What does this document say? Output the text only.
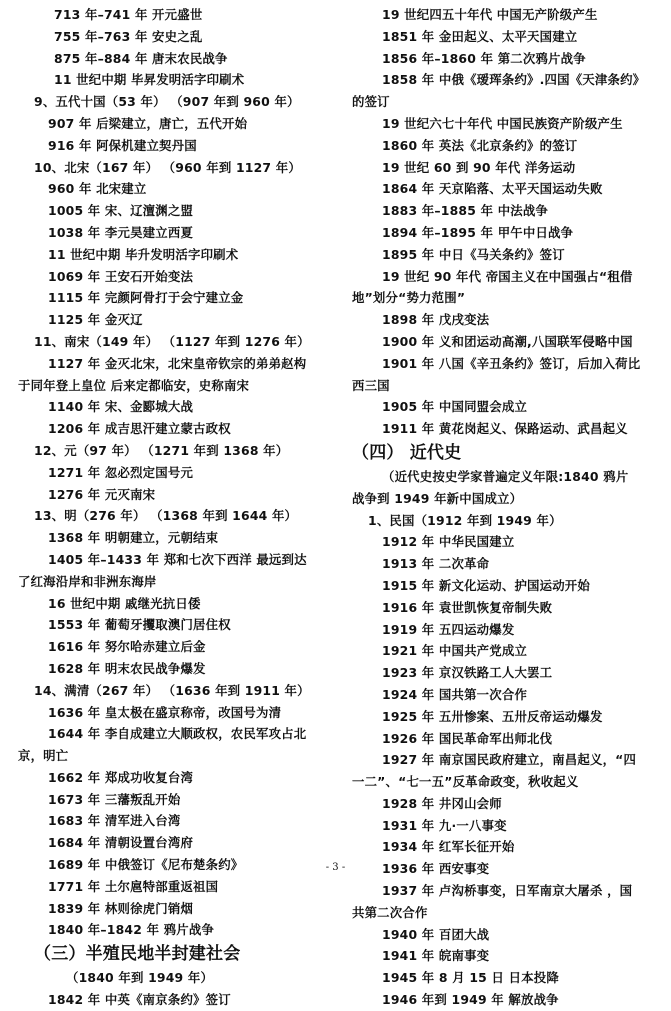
713 年–741 年 开元盛世
755 年–763 年 安史之乱
875 年–884 年 唐末农民战争
11 世纪中期 毕昇发明活字印刷术
9、五代十国（53 年） （907 年到 960 年）
907 年 后梁建立，唐亡，五代开始
916 年 阿保机建立契丹国
10、北宋（167 年） （960 年到 1127 年）
960 年 北宋建立
1005 年 宋、辽澶渊之盟
1038 年 李元昊建立西夏
11 世纪中期 毕升发明活字印刷术
1069 年 王安石开始变法
1115 年 完颜阿骨打于会宁建立金
1125 年 金灭辽
11、南宋（149 年） （1127 年到 1276 年）
1127 年 金灭北宋，北宋皇帝钦宗的弟弟赵构
于同年登上皇位 后来定都临安，史称南宋
1140 年 宋、金郾城大战
1206 年 成吉思汗建立蒙古政权
12、元（97 年） （1271 年到 1368 年）
1271 年 忽必烈定国号元
1276 年 元灭南宋
13、明（276 年） （1368 年到 1644 年）
1368 年 明朝建立，元朝结束
1405 年–1433 年 郑和七次下西洋 最远到达
了红海沿岸和非洲东海岸
16 世纪中期 戚继光抗日倭
1553 年 葡萄牙攫取澳门居住权
1616 年 努尔哈赤建立后金
1628 年 明末农民战争爆发
14、满清（267 年） （1636 年到 1911 年）
1636 年 皇太极在盛京称帝，改国号为清
1644 年 李自成建立大顺政权，农民军攻占北
京，明亡
1662 年 郑成功收复台湾
1673 年 三藩叛乱开始
1683 年 清军进入台湾
1684 年 清朝设置台湾府
1689 年 中俄签订《尼布楚条约》
1771 年 土尔扈特部重返祖国
1839 年 林则徐虎门销烟
1840 年–1842 年 鸦片战争
（三）半殖民地半封建社会
（1840 年到 1949 年）
1842 年 中英《南京条约》签订
19 世纪四五十年代 中国无产阶级产生
1851 年 金田起义、太平天国建立
1856 年–1860 年 第二次鸦片战争
1858 年 中俄《瑷珲条约》.四国《天津条约》
的签订
19 世纪六七十年代 中国民族资产阶级产生
1860 年 英法《北京条约》的签订
19 世纪 60 到 90 年代 洋务运动
1864 年 天京陷落、太平天国运动失败
1883 年–1885 年 中法战争
1894 年–1895 年 甲午中日战争
1895 年 中日《马关条约》签订
19 世纪 90 年代 帝国主义在中国强占“租借
地”划分“势力范围”
1898 年 戊戌变法
1900 年 义和团运动高潮,八国联军侵略中国
1901 年 八国《辛丑条约》签订，后加入荷比
西三国
1905 年 中国同盟会成立
1911 年 黄花岗起义、保路运动、武昌起义
（四） 近代史
（近代史按史学家普遍定义年限:1840 鸦片
战争到 1949 年新中国成立）
1、民国（1912 年到 1949 年）
1912 年 中华民国建立
1913 年 二次革命
1915 年 新文化运动、护国运动开始
1916 年 袁世凯恢复帝制失败
1919 年 五四运动爆发
1921 年 中国共产党成立
1923 年 京汉铁路工人大罢工
1924 年 国共第一次合作
1925 年 五卅惨案、五卅反帝运动爆发
1926 年 国民革命军出师北伐
1927 年 南京国民政府建立，南昌起义，“四
一二”、“七一五”反革命政变，秋收起义
1928 年 井冈山会师
1931 年 九·一八事变
1934 年 红军长征开始
1936 年 西安事变
1937 年 卢沟桥事变，日军南京大屠杀 ，国
共第二次合作
1940 年 百团大战
1941 年 皖南事变
1945 年 8 月 15 日 日本投降
1946 年到 1949 年 解放战争
- 3 -
